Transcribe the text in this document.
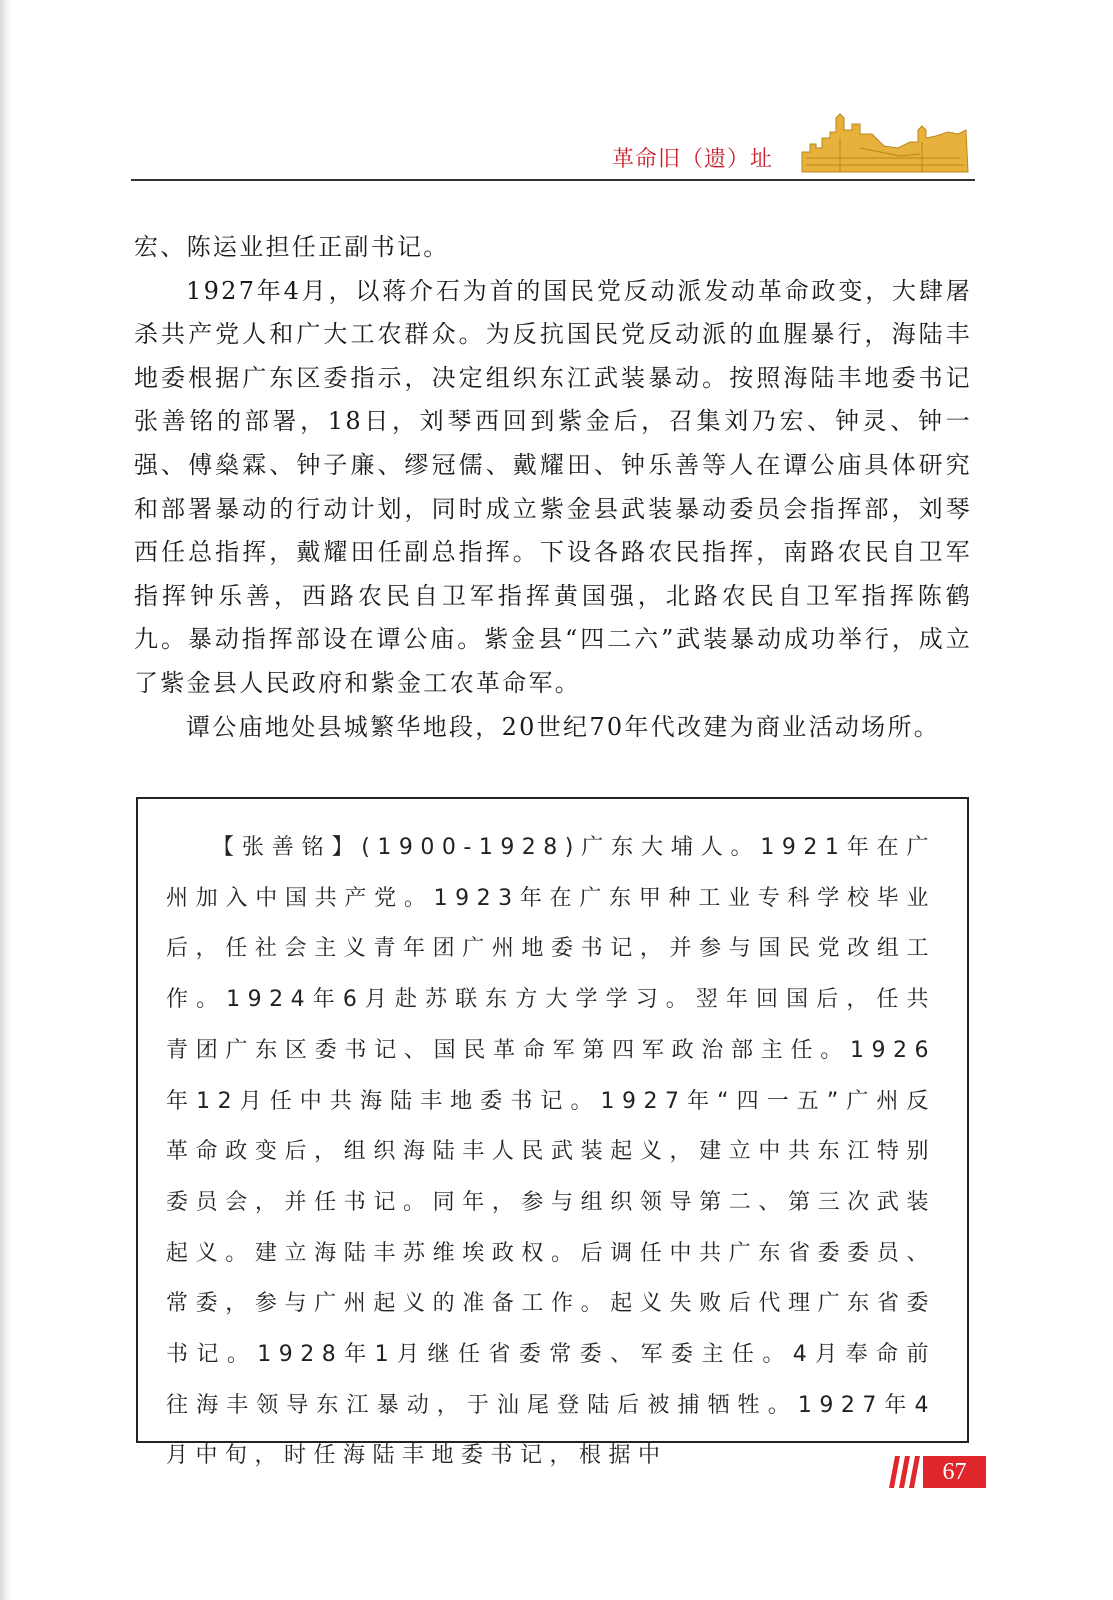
革命旧（遗）址

宏、陈运业担任正副书记。

1927年4月，以蒋介石为首的国民党反动派发动革命政变，大肆屠杀共产党人和广大工农群众。为反抗国民党反动派的血腥暴行，海陆丰地委根据广东区委指示，决定组织东江武装暴动。按照海陆丰地委书记张善铭的部署，18日，刘琴西回到紫金后，召集刘乃宏、钟灵、钟一强、傅燊霖、钟子廉、缪冠儒、戴耀田、钟乐善等人在谭公庙具体研究和部署暴动的行动计划，同时成立紫金县武装暴动委员会指挥部，刘琴西任总指挥，戴耀田任副总指挥。下设各路农民指挥，南路农民自卫军指挥钟乐善，西路农民自卫军指挥黄国强，北路农民自卫军指挥陈鹤九。暴动指挥部设在谭公庙。紫金县“四二六”武装暴动成功举行，成立了紫金县人民政府和紫金工农革命军。

谭公庙地处县城繁华地段，20世纪70年代改建为商业活动场所。

【张善铭】(1900-1928)广东大埔人。1921年在广州加入中国共产党。1923年在广东甲种工业专科学校毕业后，任社会主义青年团广州地委书记，并参与国民党改组工作。1924年6月赴苏联东方大学学习。翌年回国后，任共青团广东区委书记、国民革命军第四军政治部主任。1926年12月任中共海陆丰地委书记。1927年“四一五”广州反革命政变后，组织海陆丰人民武装起义，建立中共东江特别委员会，并任书记。同年，参与组织领导第二、第三次武装起义。建立海陆丰苏维埃政权。后调任中共广东省委委员、常委，参与广州起义的准备工作。起义失败后代理广东省委书记。1928年1月继任省委常委、军委主任。4月奉命前往海丰领导东江暴动，于汕尾登陆后被捕牺牲。1927年4月中旬，时任海陆丰地委书记，根据中

67
